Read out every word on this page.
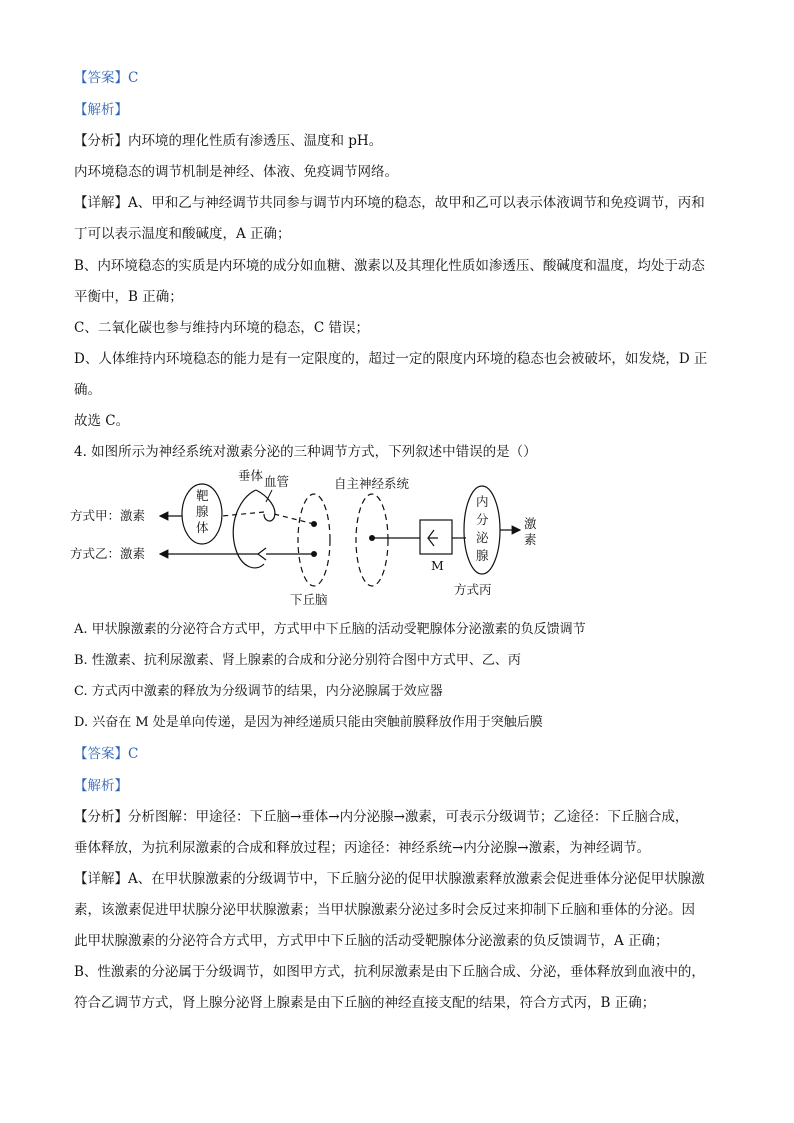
【答案】C
【解析】
【分析】内环境的理化性质有渗透压、温度和 pH。
内环境稳态的调节机制是神经、体液、免疫调节网络。
【详解】A、甲和乙与神经调节共同参与调节内环境的稳态，故甲和乙可以表示体液调节和免疫调节，丙和
丁可以表示温度和酸碱度，A 正确；
B、内环境稳态的实质是内环境的成分如血糖、激素以及其理化性质如渗透压、酸碱度和温度，均处于动态
平衡中，B 正确；
C、二氧化碳也参与维持内环境的稳态，C 错误；
D、人体维持内环境稳态的能力是有一定限度的，超过一定的限度内环境的稳态也会被破坏，如发烧，D 正
确。
故选 C。
4. 如图所示为神经系统对激素分泌的三种调节方式，下列叙述中错误的是（）
A. 甲状腺激素的分泌符合方式甲，方式甲中下丘脑的活动受靶腺体分泌激素的负反馈调节
B. 性激素、抗利尿激素、肾上腺素的合成和分泌分别符合图中方式甲、乙、丙
C. 方式丙中激素的释放为分级调节的结果，内分泌腺属于效应器
D. 兴奋在 M 处是单向传递，是因为神经递质只能由突触前膜释放作用于突触后膜
【答案】C
【解析】
【分析】分析图解：甲途径：下丘脑→垂体→内分泌腺→激素，可表示分级调节；乙途径：下丘脑合成，
垂体释放，为抗利尿激素的合成和释放过程；丙途径：神经系统→内分泌腺→激素，为神经调节。
【详解】A、在甲状腺激素的分级调节中，下丘脑分泌的促甲状腺激素释放激素会促进垂体分泌促甲状腺激
素，该激素促进甲状腺分泌甲状腺激素；当甲状腺激素分泌过多时会反过来抑制下丘脑和垂体的分泌。因
此甲状腺激素的分泌符合方式甲，方式甲中下丘脑的活动受靶腺体分泌激素的负反馈调节，A 正确；
B、性激素的分泌属于分级调节，如图甲方式，抗利尿激素是由下丘脑合成、分泌，垂体释放到血液中的，
符合乙调节方式，肾上腺分泌肾上腺素是由下丘脑的神经直接支配的结果，符合方式丙，B 正确；
方式甲：激素
方式乙：激素
靶
腺
体
垂体 血管
下丘脑
自主神经系统
M
内
分
泌
腺
激
素
方式丙
